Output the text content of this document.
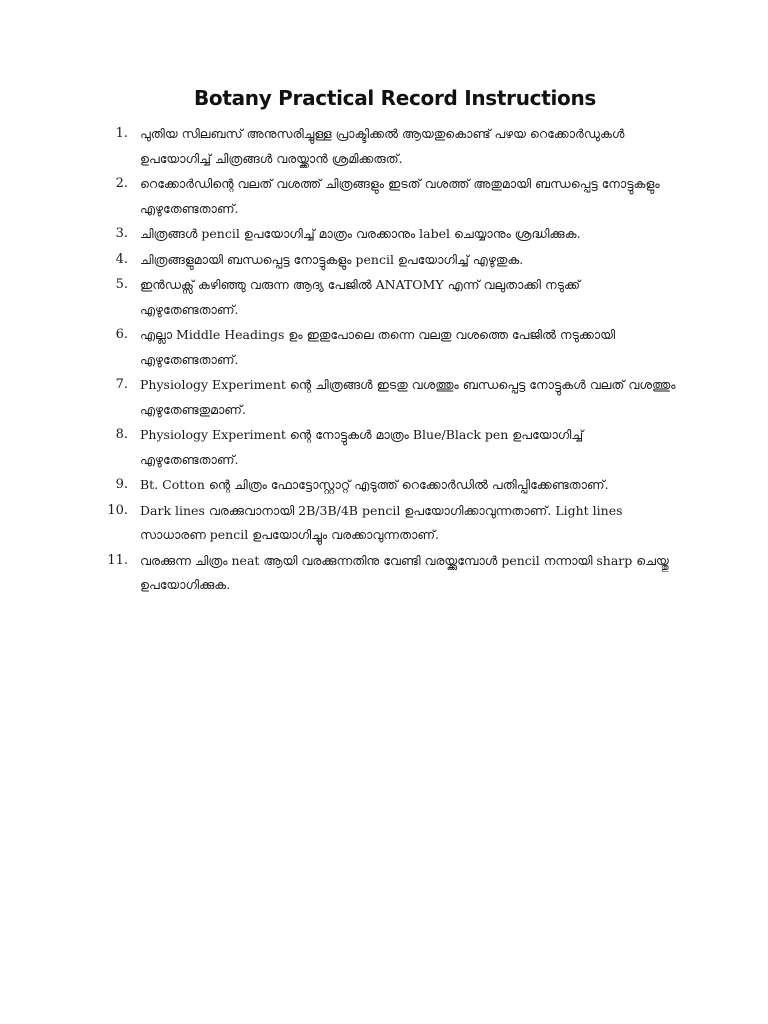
Botany Practical Record Instructions
1. പുതിയ സിലബസ് അനുസരിച്ചുള്ള പ്രാക്ടിക്കൽ ആയതുകൊണ്ട് പഴയ റെക്കോർഡുകൾ ഉപയോഗിച്ച് ചിത്രങ്ങൾ വരയ്ക്കാൻ ശ്രമിക്കരുത്.
2. റെക്കോർഡിന്റെ വലത് വശത്ത് ചിത്രങ്ങളും ഇടത് വശത്ത് അതുമായി ബന്ധപ്പെട്ട നോട്ടുകളും എഴുതേണ്ടതാണ്.
3. ചിത്രങ്ങൾ pencil ഉപയോഗിച്ച് മാത്രം വരക്കാനും label ചെയ്യാനും ശ്രദ്ധിക്കുക.
4. ചിത്രങ്ങളുമായി ബന്ധപ്പെട്ട നോട്ടുകളും pencil ഉപയോഗിച്ച് എഴുതുക.
5. ഇൻഡക്സ് കഴിഞ്ഞു വരുന്ന ആദ്യ പേജിൽ ANATOMY എന്ന് വലുതാക്കി നടുക്ക് എഴുതേണ്ടതാണ്.
6. എല്ലാ Middle Headings ഉം ഇതുപോലെ തന്നെ വലതു വശത്തെ പേജിൽ നടുക്കായി എഴുതേണ്ടതാണ്.
7. Physiology Experiment ന്റെ ചിത്രങ്ങൾ ഇടതു വശത്തും ബന്ധപ്പെട്ട നോട്ടുകൾ വലത് വശത്തും എഴുതേണ്ടതുമാണ്.
8. Physiology Experiment ന്റെ നോട്ടുകൾ മാത്രം Blue/Black pen ഉപയോഗിച്ച് എഴുതേണ്ടതാണ്.
9. Bt. Cotton ന്റെ ചിത്രം ഫോട്ടോസ്റ്റാറ്റ് എടുത്ത് റെക്കോർഡിൽ പതിപ്പിക്കേണ്ടതാണ്.
10. Dark lines വരക്കുവാനായി 2B/3B/4B pencil ഉപയോഗിക്കാവുന്നതാണ്. Light lines സാധാരണ pencil ഉപയോഗിച്ചും വരക്കാവുന്നതാണ്.
11. വരക്കുന്ന ചിത്രം neat ആയി വരക്കുന്നതിനു വേണ്ടി വരയ്ക്കുമ്പോൾ pencil നന്നായി sharp ചെയ്തു ഉപയോഗിക്കുക.
